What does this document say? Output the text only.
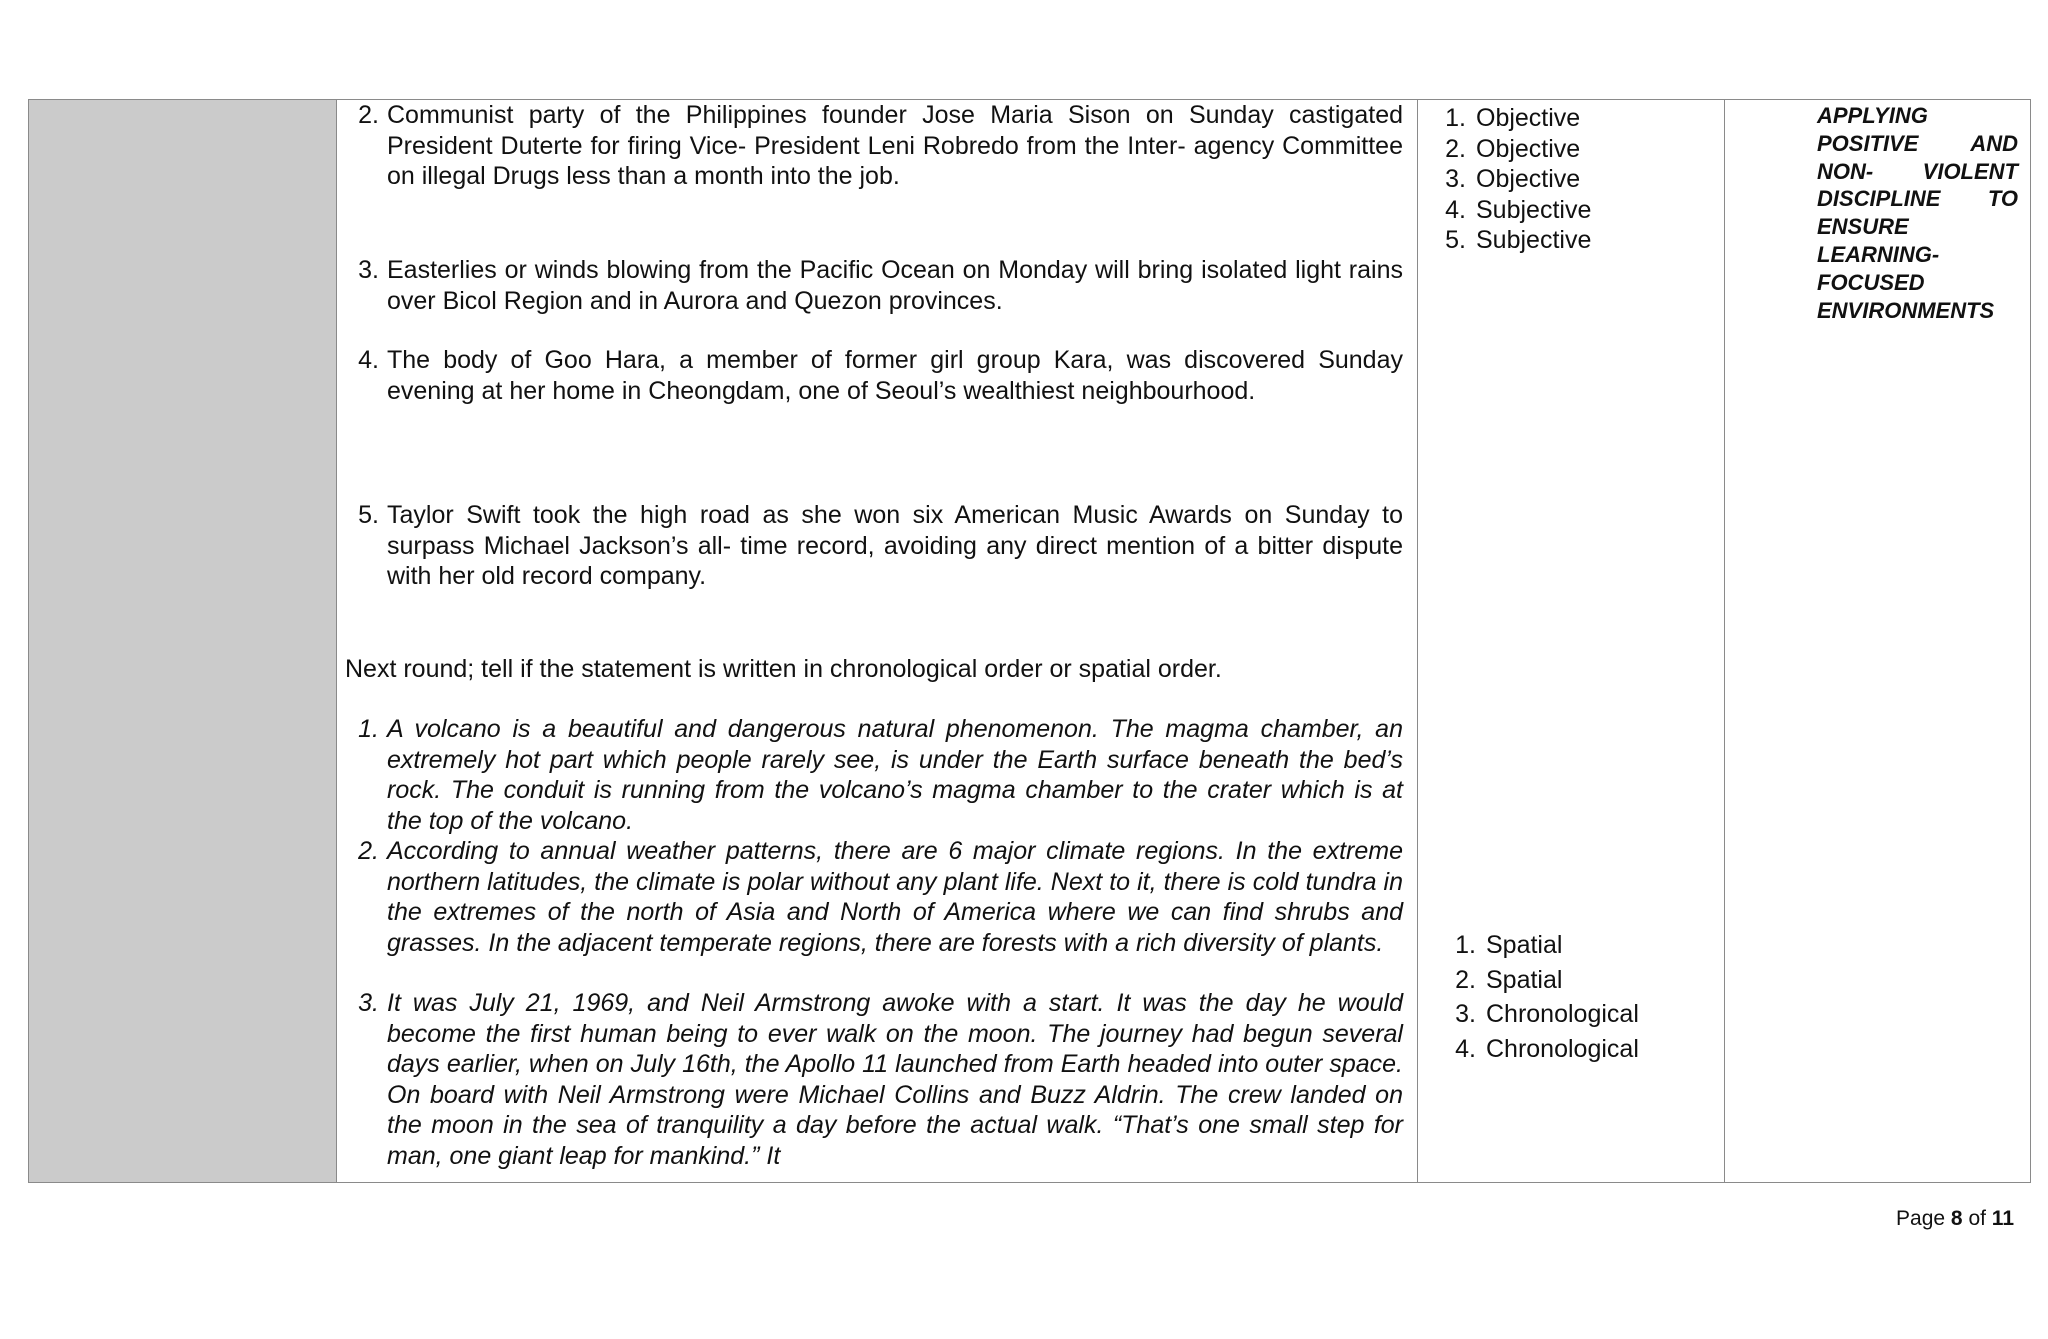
2. Communist party of the Philippines founder Jose Maria Sison on Sunday castigated President Duterte for firing Vice- President Leni Robredo from the Inter- agency Committee on illegal Drugs less than a month into the job.
3. Easterlies or winds blowing from the Pacific Ocean on Monday will bring isolated light rains over Bicol Region and in Aurora and Quezon provinces.
4. The body of Goo Hara, a member of former girl group Kara, was discovered Sunday evening at her home in Cheongdam, one of Seoul’s wealthiest neighbourhood.
5. Taylor Swift took the high road as she won six American Music Awards on Sunday to surpass Michael Jackson’s all- time record, avoiding any direct mention of a bitter dispute with her old record company.
Next round; tell if the statement is written in chronological order or spatial order.
1. A volcano is a beautiful and dangerous natural phenomenon. The magma chamber, an extremely hot part which people rarely see, is under the Earth surface beneath the bed’s rock. The conduit is running from the volcano’s magma chamber to the crater which is at the top of the volcano.
2. According to annual weather patterns, there are 6 major climate regions. In the extreme northern latitudes, the climate is polar without any plant life. Next to it, there is cold tundra in the extremes of the north of Asia and North of America where we can find shrubs and grasses. In the adjacent temperate regions, there are forests with a rich diversity of plants.
3. It was July 21, 1969, and Neil Armstrong awoke with a start. It was the day he would become the first human being to ever walk on the moon. The journey had begun several days earlier, when on July 16th, the Apollo 11 launched from Earth headed into outer space. On board with Neil Armstrong were Michael Collins and Buzz Aldrin. The crew landed on the moon in the sea of tranquility a day before the actual walk. “That’s one small step for man, one giant leap for mankind.” It

1. Objective
2. Objective
3. Objective
4. Subjective
5. Subjective
1. Spatial
2. Spatial
3. Chronological
4. Chronological

APPLYING POSITIVE AND NON- VIOLENT DISCIPLINE TO ENSURE LEARNING-FOCUSED ENVIRONMENTS
Page 8 of 11
